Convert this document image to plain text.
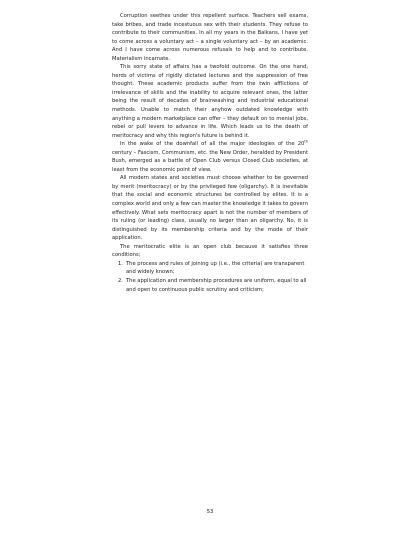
Corruption seethes under this repellent surface. Teachers sell exams, take bribes, and trade incestuous sex with their students. They refuse to contribute to their communities. In all my years in the Balkans, I have yet to come across a voluntary act – a single voluntary act – by an academic. And I have come across numerous refusals to help and to contribute. Materialism incarnate.

This sorry state of affairs has a twofold outcome. On the one hand, herds of victims of rigidly dictated lectures and the suppression of free thought. These academic products suffer from the twin afflictions of irrelevance of skills and the inability to acquire relevant ones, the latter being the result of decades of brainwashing and industrial educational methods. Unable to match their anyhow outdated knowledge with anything a modern marketplace can offer – they default on to menial jobs, rebel or pull levers to advance in life. Which leads us to the death of meritocracy and why this region's future is behind it.

In the wake of the downfall of all the major ideologies of the 20th century – Fascism, Communism, etc. the New Order, heralded by President Bush, emerged as a battle of Open Club versus Closed Club societies, at least from the economic point of view.

All modern states and societies must choose whether to be governed by merit (meritocracy) or by the privileged few (oligarchy). It is inevitable that the social and economic structures be controlled by elites. It is a complex world and only a few can master the knowledge it takes to govern effectively. What sets meritocracy apart is not the number of members of its ruling (or leading) class, usually no larger than an oligarchy. No, it is distinguished by its membership criteria and by the mode of their application.

The meritocratic elite is an open club because it satisfies three conditions;

1. The process and rules of joining up (i.e., the criteria) are transparent and widely known;
2. The application and membership procedures are uniform, equal to all and open to continuous public scrutiny and criticism;
53
